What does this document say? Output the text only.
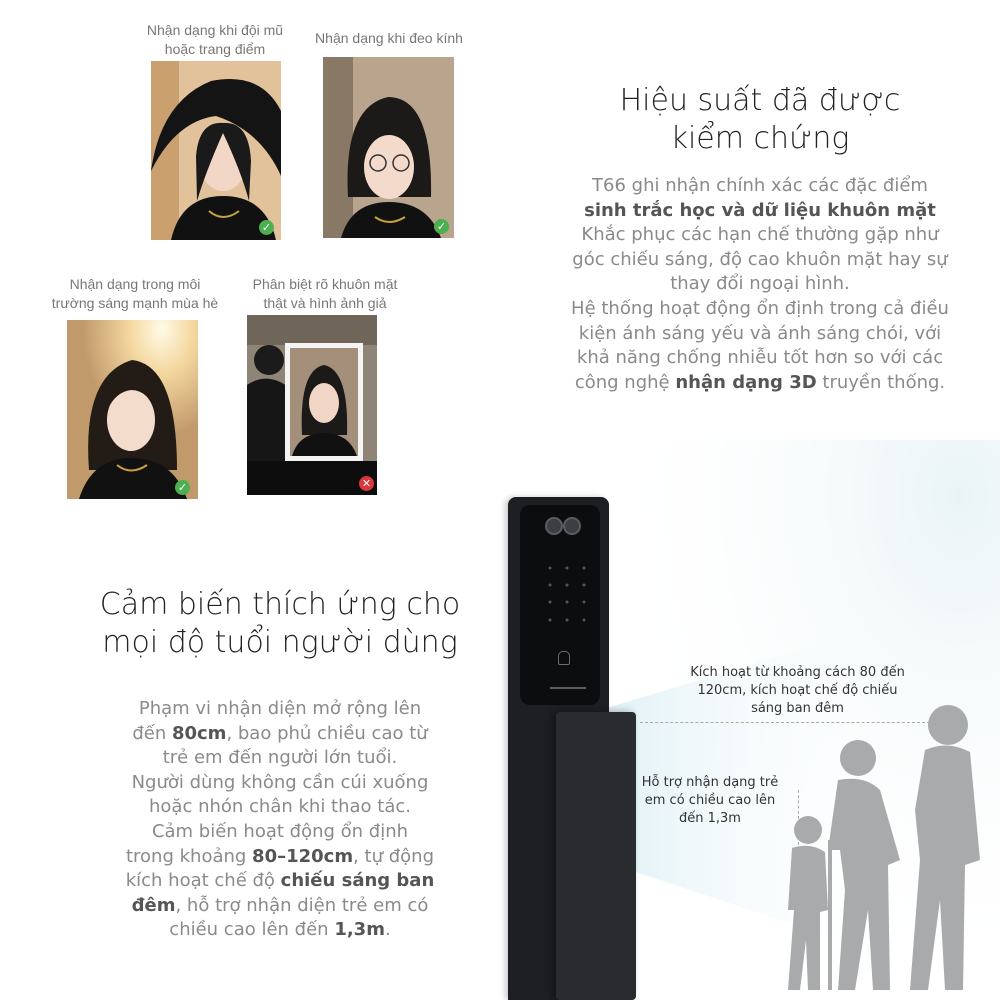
Nhận dạng khi đội mũ
hoặc trang điểm
✓
Nhận dạng khi đeo kính
✓
Nhận dạng trong môi
trường sáng mạnh mùa hè
✓
Phân biệt rõ khuôn mặt
thật và hình ảnh giả
✕
Hiệu suất đã được
kiểm chứng
T66 ghi nhận chính xác các đặc điểm
sinh trắc học và dữ liệu khuôn mặt
Khắc phục các hạn chế thường gặp như
góc chiếu sáng, độ cao khuôn mặt hay sự
thay đổi ngoại hình.
Hệ thống hoạt động ổn định trong cả điều
kiện ánh sáng yếu và ánh sáng chói, với
khả năng chống nhiễu tốt hơn so với các
công nghệ nhận dạng 3D truyền thống.
Kích hoạt từ khoảng cách 80 đến
120cm, kích hoạt chế độ chiếu
sáng ban đêm
Hỗ trợ nhận dạng trẻ
em có chiều cao lên
đến 1,3m
Cảm biến thích ứng cho
mọi độ tuổi người dùng
Phạm vi nhận diện mở rộng lên
đến 80cm, bao phủ chiều cao từ
trẻ em đến người lớn tuổi.
Người dùng không cần cúi xuống
hoặc nhón chân khi thao tác.
Cảm biến hoạt động ổn định
trong khoảng 80–120cm, tự động
kích hoạt chế độ chiếu sáng ban
đêm, hỗ trợ nhận diện trẻ em có
chiều cao lên đến 1,3m.
